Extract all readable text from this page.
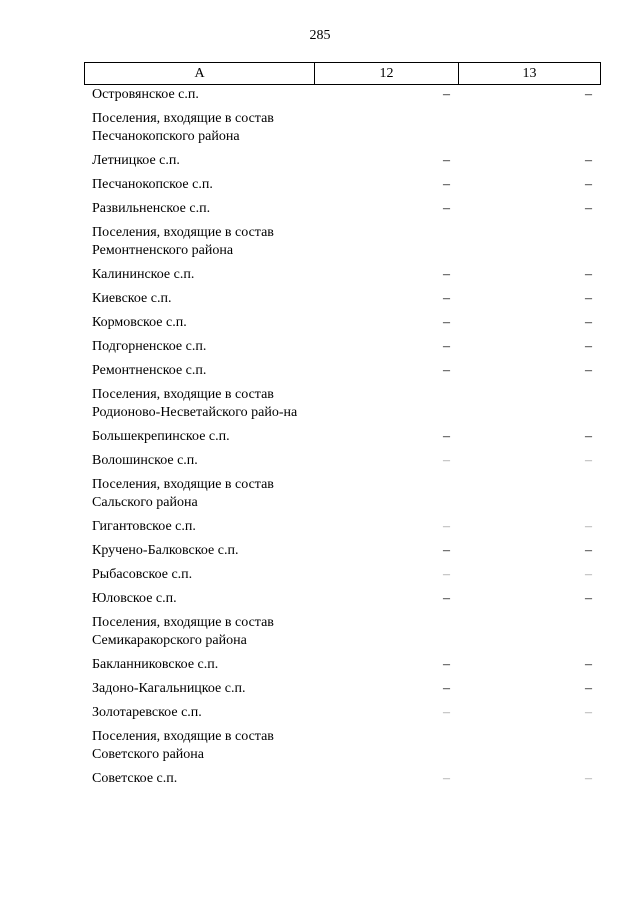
285
А	12	13
Островянское с.п.	–	–
Поселения, входящие в состав Песчанокопского района
Летницкое с.п.	–	–
Песчанокопское с.п.	–	–
Развильненское с.п.	–	–
Поселения, входящие в состав Ремонтненского района
Калининское с.п.	–	–
Киевское с.п.	–	–
Кормовское с.п.	–	–
Подгорненское с.п.	–	–
Ремонтненское с.п.	–	–
Поселения, входящие в состав Родионово-Несветайского райо-на
Большекрепинское с.п.	–	–
Волошинское с.п.	–	–
Поселения, входящие в состав Сальского района
Гигантовское с.п.	–	–
Кручено-Балковское с.п.	–	–
Рыбасовское с.п.	–	–
Юловское с.п.	–	–
Поселения, входящие в состав Семикаракорского района
Бакланниковское с.п.	–	–
Задоно-Кагальницкое с.п.	–	–
Золотаревское с.п.	–	–
Поселения, входящие в состав Советского района
Советское с.п.	–	–
